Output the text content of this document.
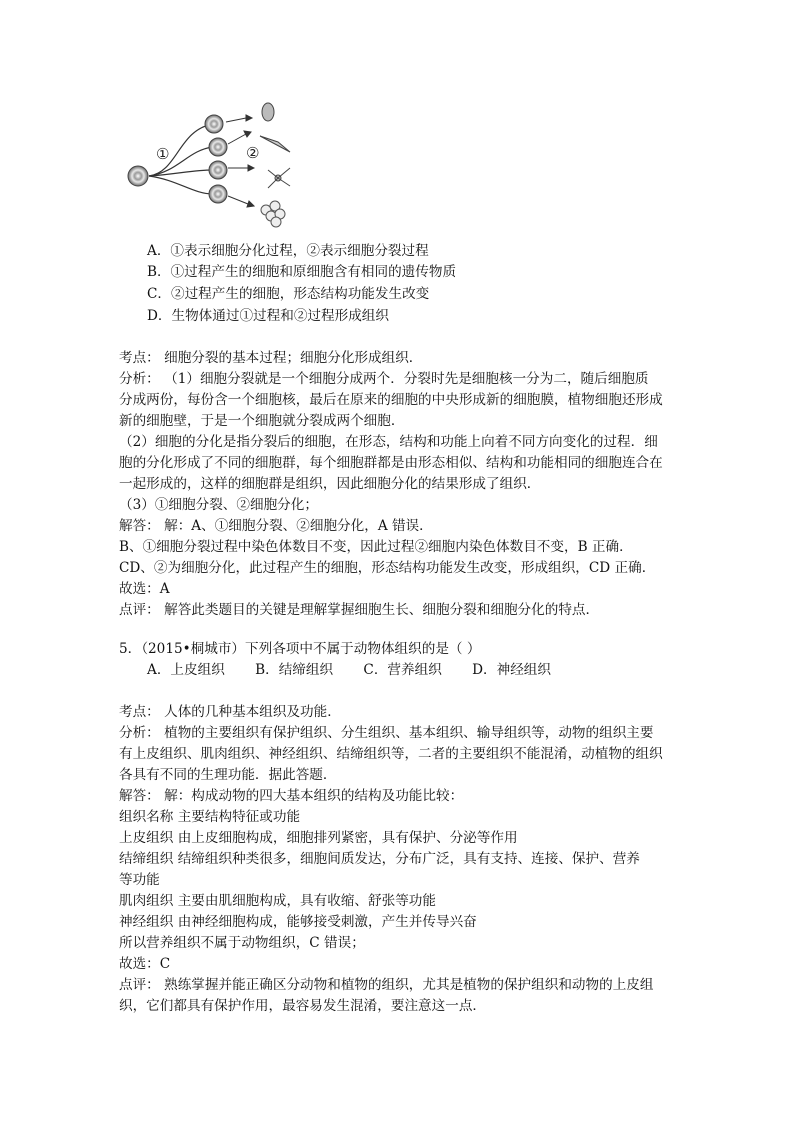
①	②
A．①表示细胞分化过程，②表示细胞分裂过程
B．①过程产生的细胞和原细胞含有相同的遗传物质
C．②过程产生的细胞，形态结构功能发生改变
D．生物体通过①过程和②过程形成组织
考点： 细胞分裂的基本过程；细胞分化形成组织．
分析： （1）细胞分裂就是一个细胞分成两个．分裂时先是细胞核一分为二，随后细胞质
分成两份，每份含一个细胞核，最后在原来的细胞的中央形成新的细胞膜，植物细胞还形成
新的细胞壁，于是一个细胞就分裂成两个细胞．
（2）细胞的分化是指分裂后的细胞，在形态，结构和功能上向着不同方向变化的过程．细
胞的分化形成了不同的细胞群，每个细胞群都是由形态相似、结构和功能相同的细胞连合在
一起形成的，这样的细胞群是组织，因此细胞分化的结果形成了组织．
（3）①细胞分裂、②细胞分化；
解答： 解：A、①细胞分裂、②细胞分化，A 错误．
B、①细胞分裂过程中染色体数目不变，因此过程②细胞内染色体数目不变，B 正确．
CD、②为细胞分化，此过程产生的细胞，形态结构功能发生改变，形成组织，CD 正确．
故选：A
点评： 解答此类题目的关键是理解掌握细胞生长、细胞分裂和细胞分化的特点．
5．（2015•桐城市）下列各项中不属于动物体组织的是（ ）
A．上皮组织 B．结缔组织 C．营养组织 D．神经组织
考点： 人体的几种基本组织及功能．
分析： 植物的主要组织有保护组织、分生组织、基本组织、输导组织等，动物的组织主要
有上皮组织、肌肉组织、神经组织、结缔组织等，二者的主要组织不能混淆，动植物的组织
各具有不同的生理功能．据此答题．
解答： 解：构成动物的四大基本组织的结构及功能比较：
组织名称 主要结构特征或功能
上皮组织 由上皮细胞构成，细胞排列紧密，具有保护、分泌等作用
结缔组织 结缔组织种类很多，细胞间质发达，分布广泛，具有支持、连接、保护、营养
等功能
肌肉组织 主要由肌细胞构成，具有收缩、舒张等功能
神经组织 由神经细胞构成，能够接受刺激，产生并传导兴奋
所以营养组织不属于动物组织，C 错误；
故选：C
点评： 熟练掌握并能正确区分动物和植物的组织，尤其是植物的保护组织和动物的上皮组
织，它们都具有保护作用，最容易发生混淆，要注意这一点．
